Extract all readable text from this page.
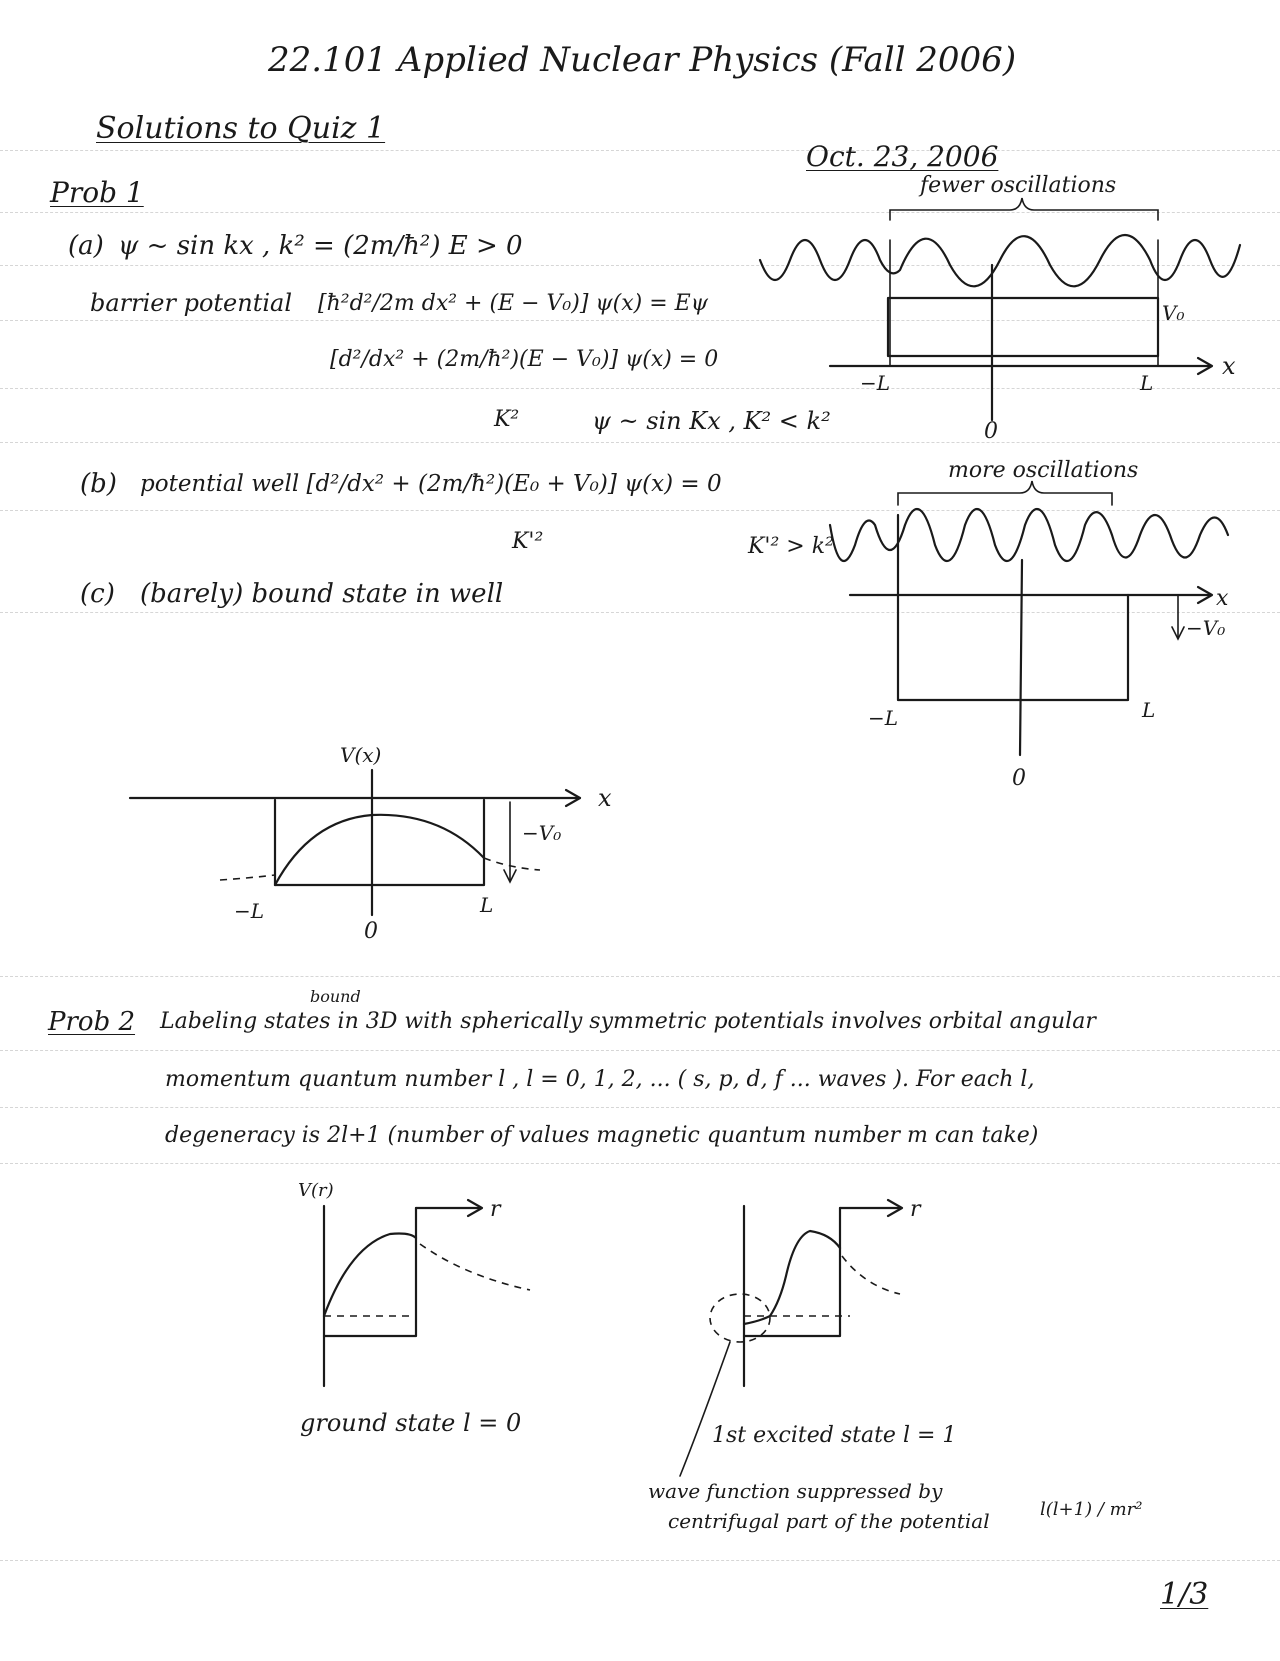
22.101 Applied Nuclear Physics (Fall 2006)
Solutions to Quiz 1
Oct. 23, 2006
Prob 1
(a) ψ ~ sin kx , k² = (2m/ħ²) E > 0
barrier potential [ħ²d²/2m dx² + (E − V₀)] ψ(x) = Eψ
[d²/dx² + (2m/ħ²)(E − V₀)] ψ(x) = 0
K²	ψ ~ sin Kx , K² < k²
fewer oscillations
x
V₀
−L	L
0
(b) potential well [d²/dx² + (2m/ħ²)(E₀ + V₀)] ψ(x) = 0
K'²
more oscillations
K'² > k²
x
−V₀
−L	L
0
(c) (barely) bound state in well
V(x)
x
−V₀
−L	L
0
Prob 2
bound
Labeling states in 3D with spherically symmetric potentials involves orbital angular
momentum quantum number l , l = 0, 1, 2, ... ( s, p, d, f ... waves ). For each l,
degeneracy is 2l+1 (number of values magnetic quantum number m can take)
V(r)
r
ground state l = 0
r
1st excited state l = 1
wave function suppressed by
centrifugal part of the potential	l(l+1) / mr²
1/3
